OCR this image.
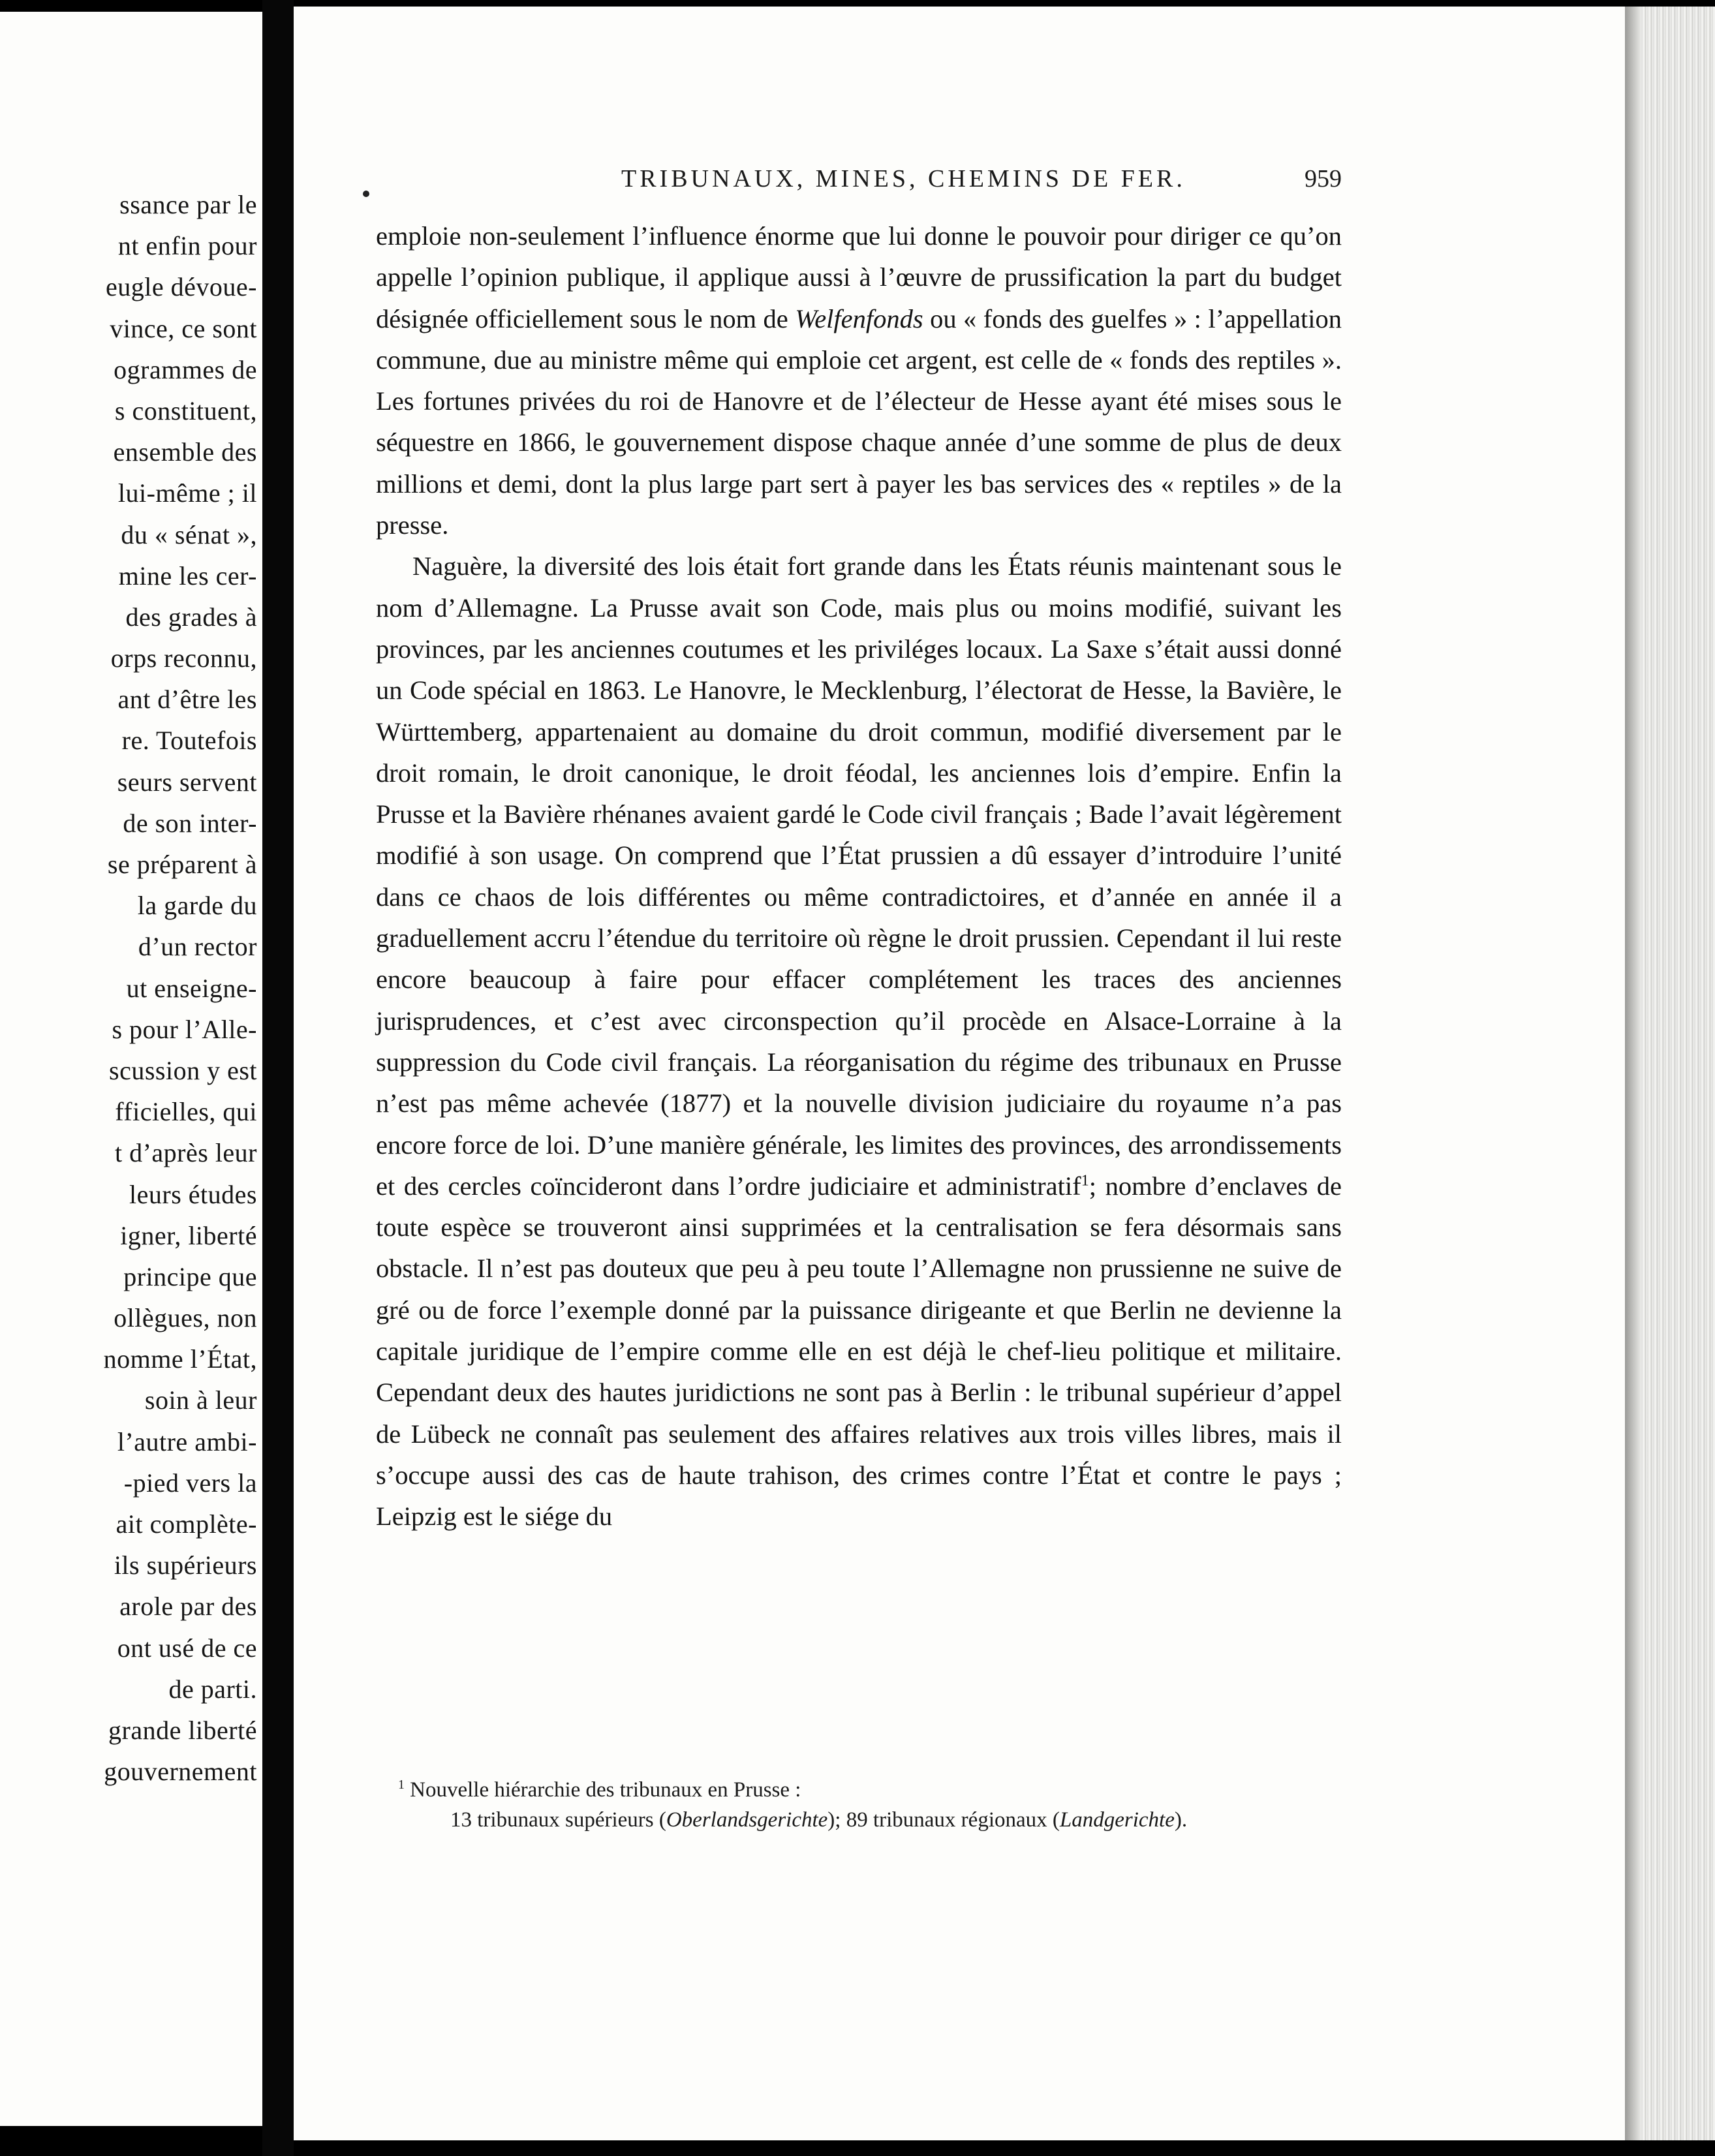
ssance par le
nt enfin pour
eugle dévoue-
vince, ce sont
ogrammes de
s constituent,
ensemble des
lui-même ; il
du « sénat »,
mine les cer-
des grades à
orps reconnu,
ant d’être les
re. Toutefois
seurs servent
de son inter-
se préparent à
la garde du
d’un rector
ut enseigne-
s pour l’Alle-
scussion y est
fficielles, qui
t d’après leur
leurs études
igner, liberté
principe que
ollègues, non
nomme l’État,
soin à leur
l’autre ambi-
-pied vers la
ait complète-
ils supérieurs
arole par des
ont usé de ce
de parti.
grande liberté
gouvernement
TRIBUNAUX, MINES, CHEMINS DE FER.	959

emploie non-seulement l’influence énorme que lui donne le pouvoir pour diriger ce qu’on appelle l’opinion publique, il applique aussi à l’œuvre de prussification la part du budget désignée officiellement sous le nom de Welfenfonds ou « fonds des guelfes » : l’appellation commune, due au ministre même qui emploie cet argent, est celle de « fonds des reptiles ». Les fortunes privées du roi de Hanovre et de l’électeur de Hesse ayant été mises sous le séquestre en 1866, le gouvernement dispose chaque année d’une somme de plus de deux millions et demi, dont la plus large part sert à payer les bas services des « reptiles » de la presse.

Naguère, la diversité des lois était fort grande dans les États réunis maintenant sous le nom d’Allemagne. La Prusse avait son Code, mais plus ou moins modifié, suivant les provinces, par les anciennes coutumes et les priviléges locaux. La Saxe s’était aussi donné un Code spécial en 1863. Le Hanovre, le Mecklenburg, l’électorat de Hesse, la Bavière, le Württemberg, appartenaient au domaine du droit commun, modifié diversement par le droit romain, le droit canonique, le droit féodal, les anciennes lois d’empire. Enfin la Prusse et la Bavière rhénanes avaient gardé le Code civil français ; Bade l’avait légèrement modifié à son usage. On comprend que l’État prussien a dû essayer d’introduire l’unité dans ce chaos de lois différentes ou même contradictoires, et d’année en année il a graduellement accru l’étendue du territoire où règne le droit prussien. Cependant il lui reste encore beaucoup à faire pour effacer complétement les traces des anciennes jurisprudences, et c’est avec circonspection qu’il procède en Alsace-Lorraine à la suppression du Code civil français. La réorganisation du régime des tribunaux en Prusse n’est pas même achevée (1877) et la nouvelle division judiciaire du royaume n’a pas encore force de loi. D’une manière générale, les limites des provinces, des arrondissements et des cercles coïncideront dans l’ordre judiciaire et administratif$^1$; nombre d’enclaves de toute espèce se trouveront ainsi supprimées et la centralisation se fera désormais sans obstacle. Il n’est pas douteux que peu à peu toute l’Allemagne non prussienne ne suive de gré ou de force l’exemple donné par la puissance dirigeante et que Berlin ne devienne la capitale juridique de l’empire comme elle en est déjà le chef-lieu politique et militaire. Cependant deux des hautes juridictions ne sont pas à Berlin : le tribunal supérieur d’appel de Lübeck ne connaît pas seulement des affaires relatives aux trois villes libres, mais il s’occupe aussi des cas de haute trahison, des crimes contre l’État et contre le pays ; Leipzig est le siége du

$^1$ Nouvelle hiérarchie des tribunaux en Prusse :
13 tribunaux supérieurs (Oberlandsgerichte); 89 tribunaux régionaux (Landgerichte).
